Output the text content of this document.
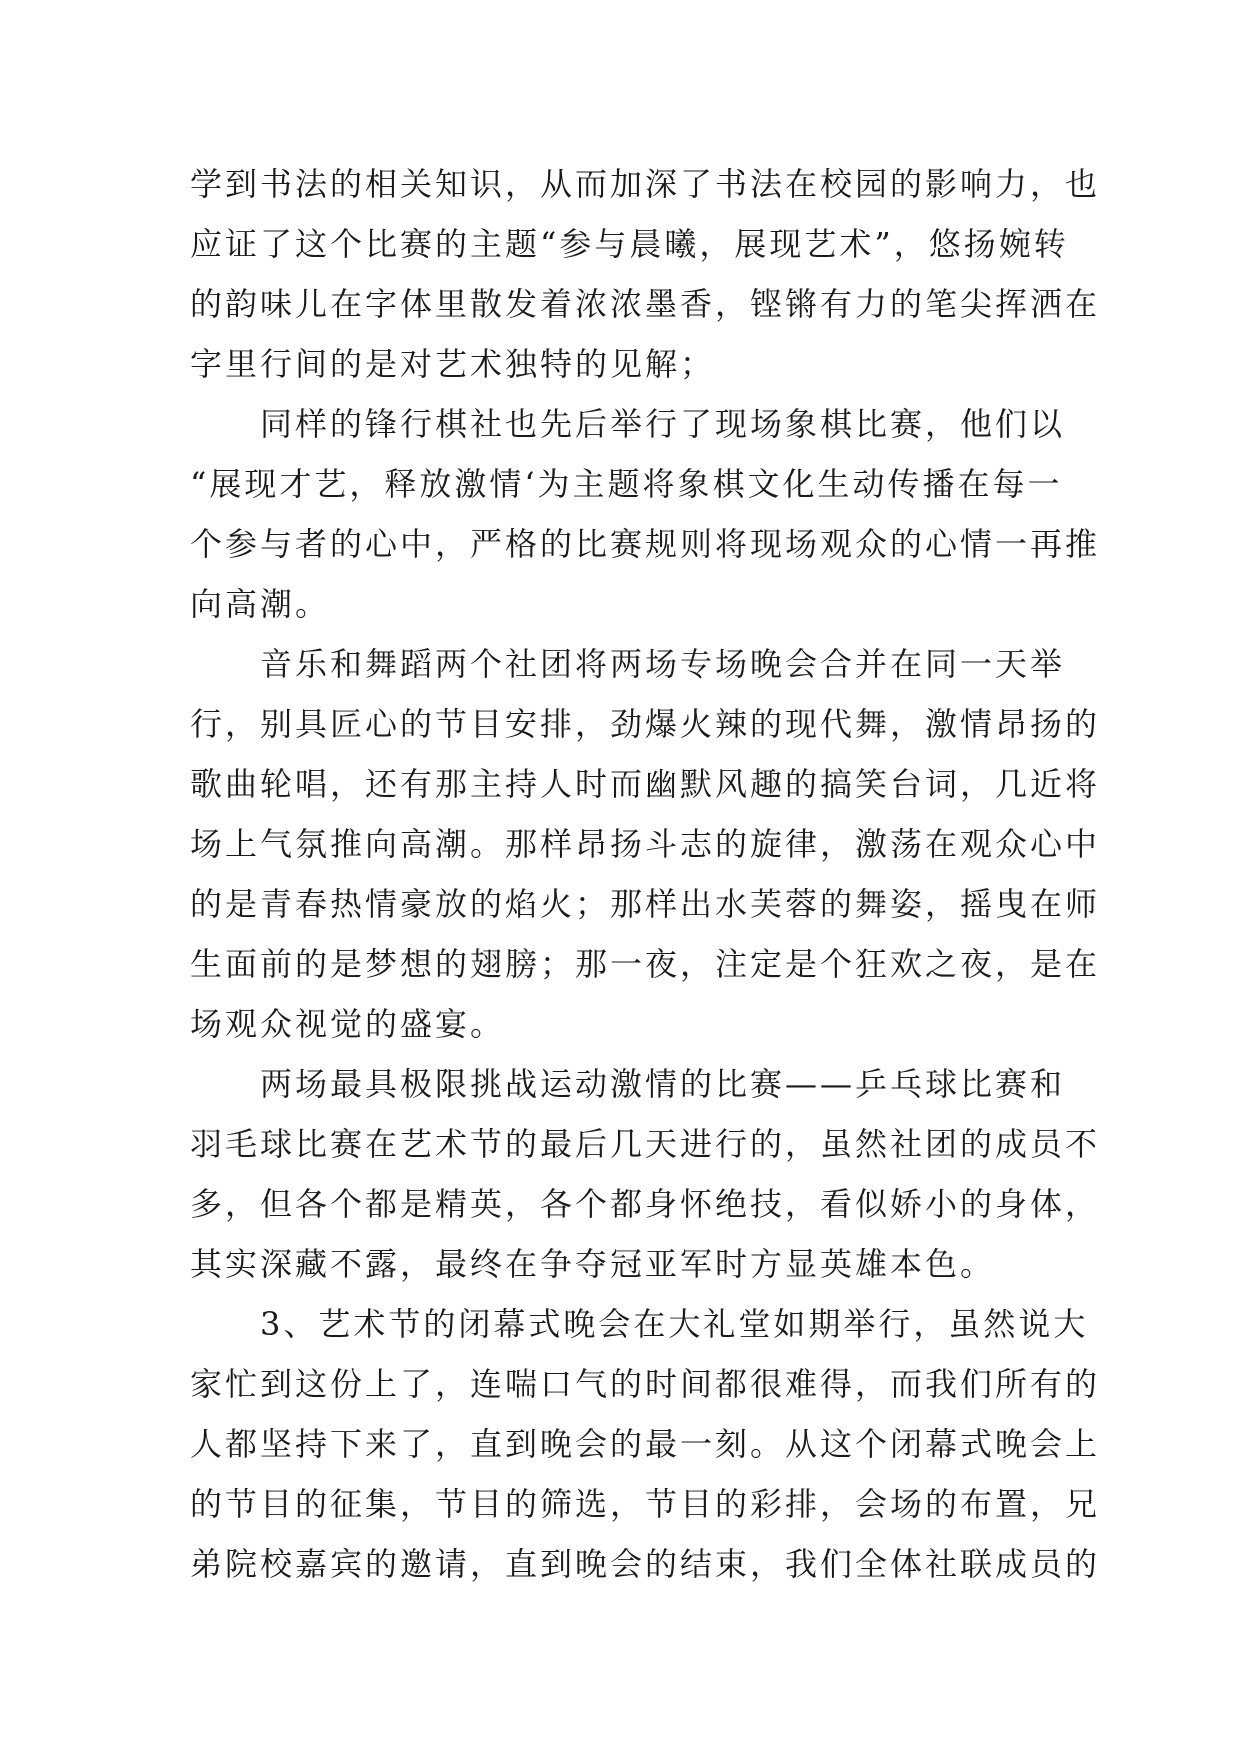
学到书法的相关知识，从而加深了书法在校园的影响力，也
应证了这个比赛的主题“参与晨曦，展现艺术”，悠扬婉转
的韵味儿在字体里散发着浓浓墨香，铿锵有力的笔尖挥洒在
字里行间的是对艺术独特的见解；
同样的锋行棋社也先后举行了现场象棋比赛，他们以
“展现才艺，释放激情‘为主题将象棋文化生动传播在每一
个参与者的心中，严格的比赛规则将现场观众的心情一再推
向高潮。
音乐和舞蹈两个社团将两场专场晚会合并在同一天举
行，别具匠心的节目安排，劲爆火辣的现代舞，激情昂扬的
歌曲轮唱，还有那主持人时而幽默风趣的搞笑台词，几近将
场上气氛推向高潮。那样昂扬斗志的旋律，激荡在观众心中
的是青春热情豪放的焰火；那样出水芙蓉的舞姿，摇曳在师
生面前的是梦想的翅膀；那一夜，注定是个狂欢之夜，是在
场观众视觉的盛宴。
两场最具极限挑战运动激情的比赛——乒乓球比赛和
羽毛球比赛在艺术节的最后几天进行的，虽然社团的成员不
多，但各个都是精英，各个都身怀绝技，看似娇小的身体，
其实深藏不露，最终在争夺冠亚军时方显英雄本色。
3、艺术节的闭幕式晚会在大礼堂如期举行，虽然说大
家忙到这份上了，连喘口气的时间都很难得，而我们所有的
人都坚持下来了，直到晚会的最一刻。从这个闭幕式晚会上
的节目的征集，节目的筛选，节目的彩排，会场的布置，兄
弟院校嘉宾的邀请，直到晚会的结束，我们全体社联成员的
